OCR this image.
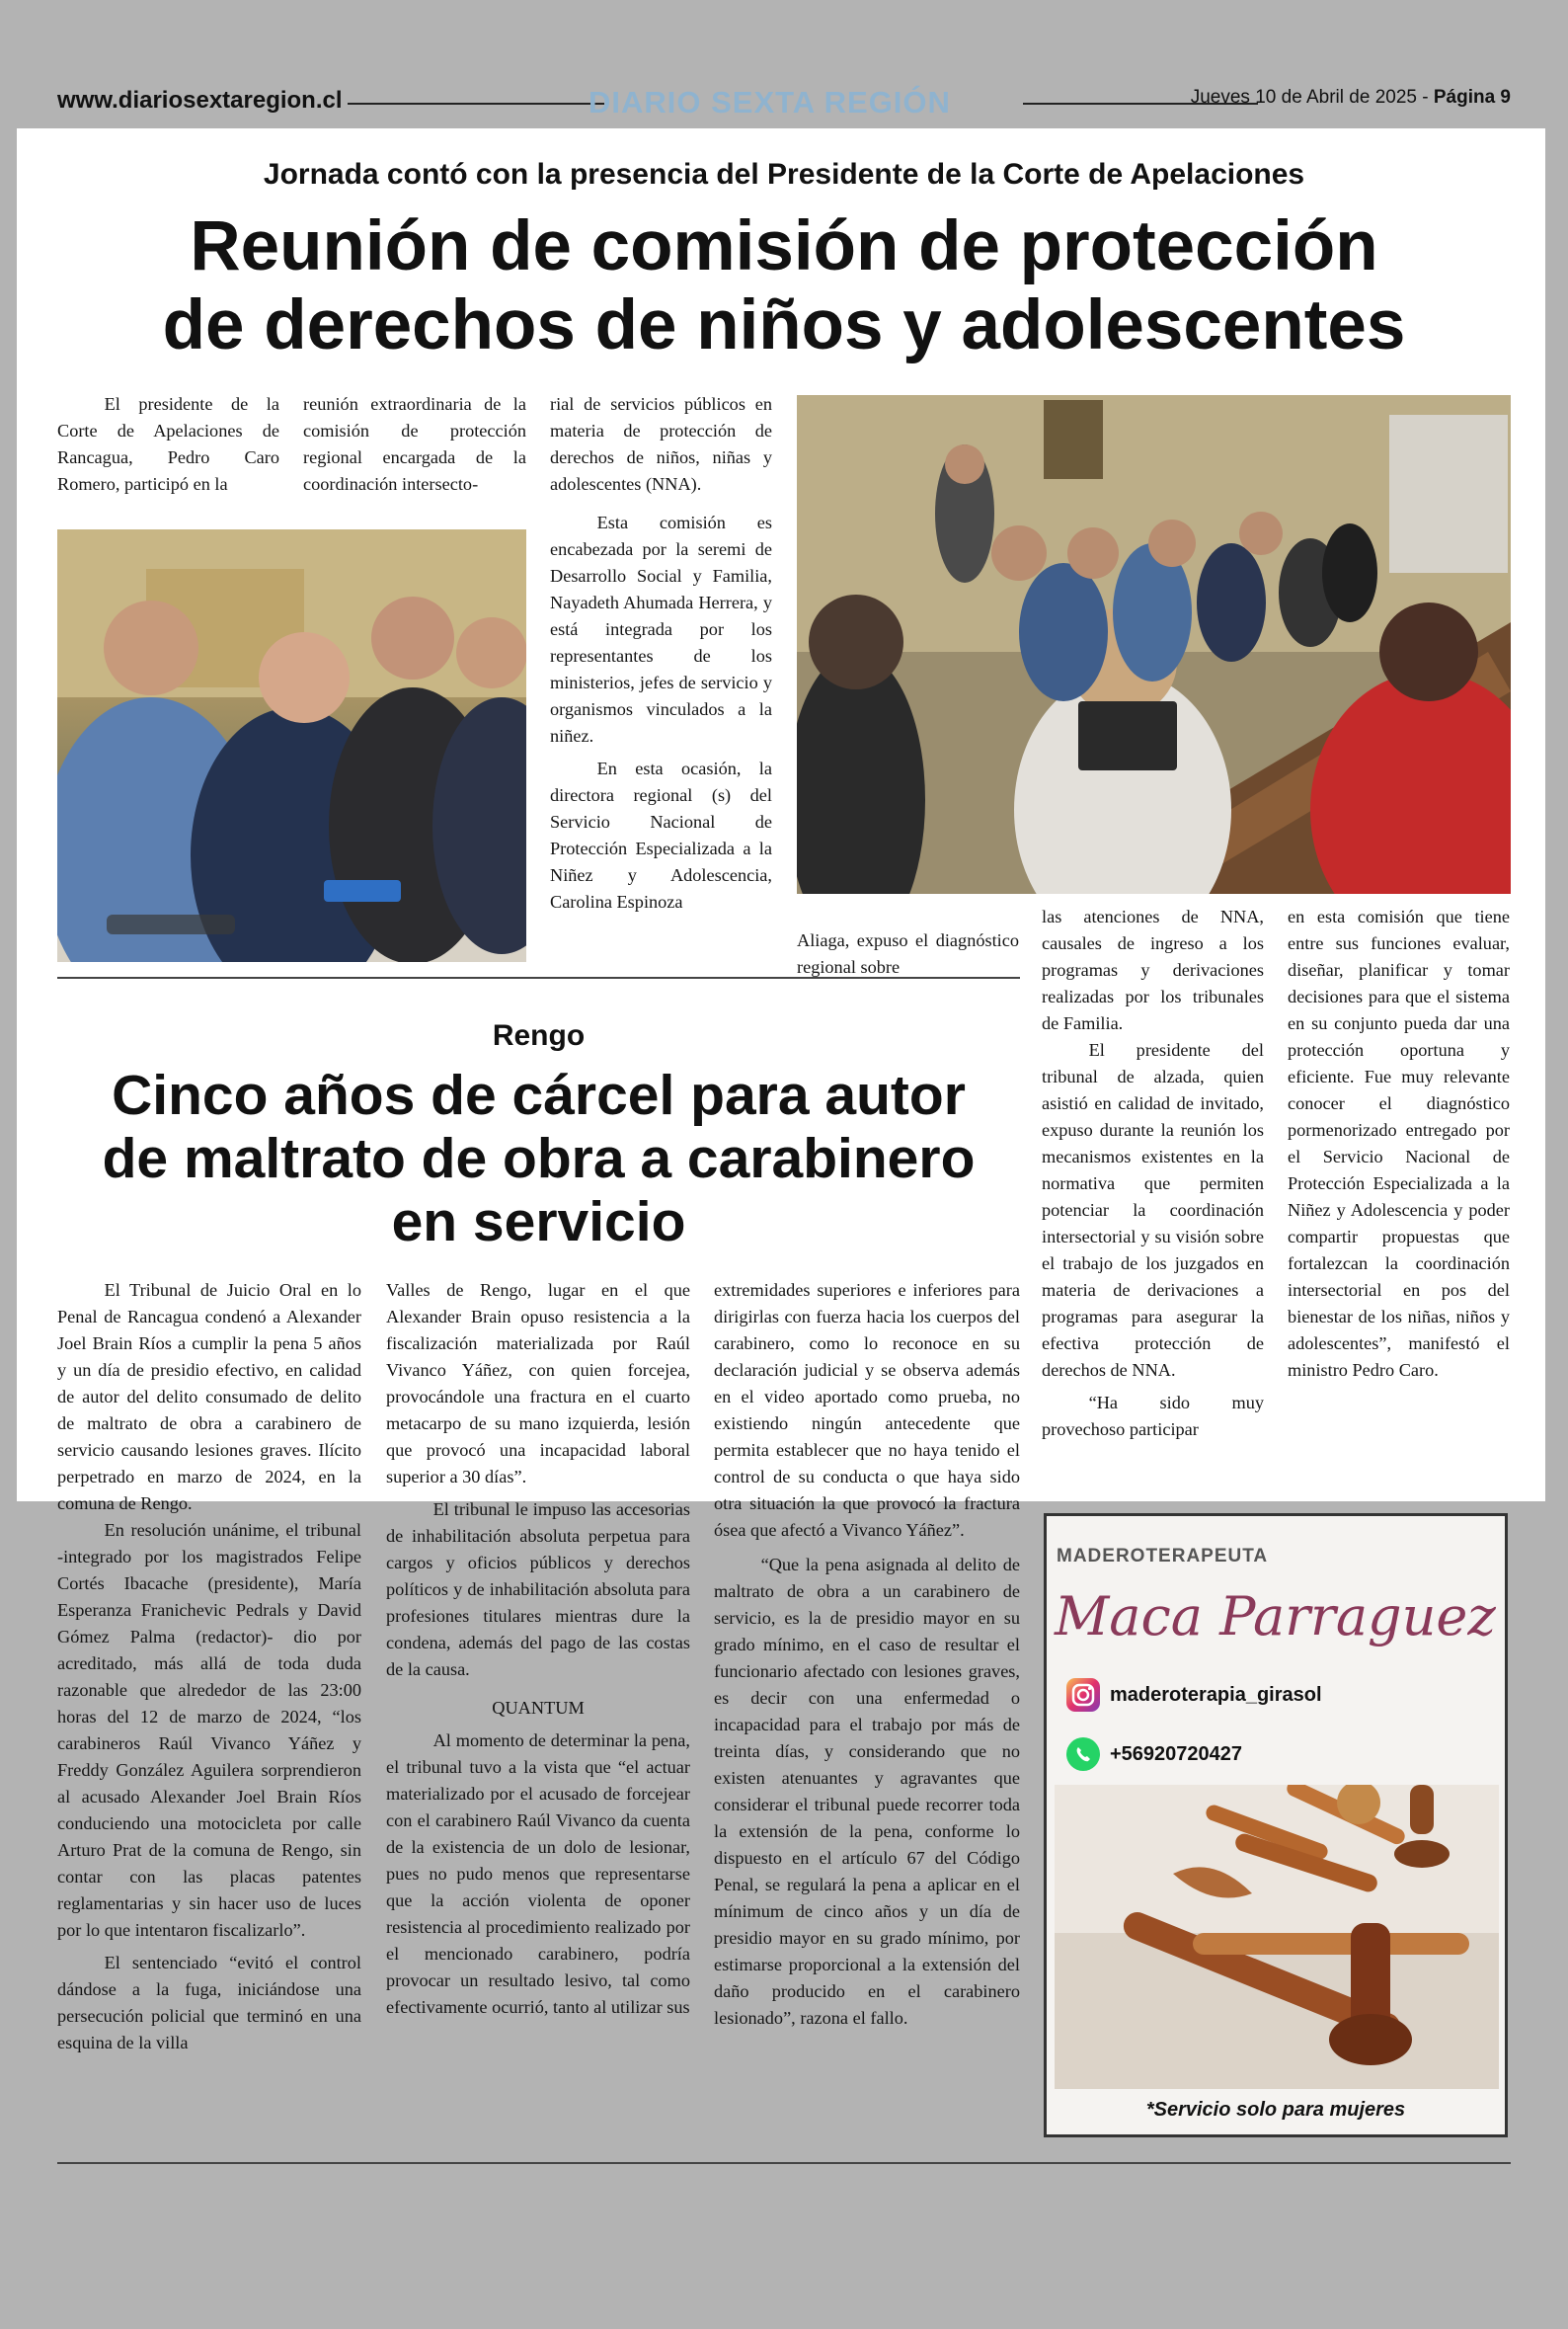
www.diariosextaregion.cl	DIARIO SEXTA REGIÓN	Jueves 10 de Abril de 2025 - Página 9
Jornada contó con la presencia del Presidente de la Corte de Apelaciones
Reunión de comisión de protección
de derechos de niños y adolescentes

El presidente de la Corte de Apelaciones de Rancagua, Pedro Caro Romero, participó en la

reunión extraordinaria de la comisión de protección regional encargada de la coordinación intersecto-

rial de servicios públicos en materia de protección de derechos de niños, niñas y adolescentes (NNA).

Esta comisión es encabezada por la seremi de Desarrollo Social y Familia, Nayadeth Ahumada Herrera, y está integrada por los representantes de los ministerios, jefes de servicio y organismos vinculados a la niñez.

En esta ocasión, la directora regional (s) del Servicio Nacional de Protección Especializada a la Niñez y Adolescencia, Carolina Espinoza

Aliaga, expuso el diagnóstico regional sobre

las atenciones de NNA, causales de ingreso a los programas y derivaciones realizadas por los tribunales de Familia.

El presidente del tribunal de alzada, quien asistió en calidad de invitado, expuso durante la reunión los mecanismos existentes en la normativa que permiten potenciar la coordinación intersectorial y su visión sobre el trabajo de los juzgados en materia de derivaciones a programas para asegurar la efectiva protección de derechos de NNA.

“Ha sido muy provechoso participar

en esta comisión que tiene entre sus funciones evaluar, diseñar, planificar y tomar decisiones para que el sistema en su conjunto pueda dar una protección oportuna y eficiente. Fue muy relevante conocer el diagnóstico pormenorizado entregado por el Servicio Nacional de Protección Especializada a la Niñez y Adolescencia y poder compartir propuestas que fortalezcan la coordinación intersectorial en pos del bienestar de los niñas, niños y adolescentes”, manifestó el ministro Pedro Caro.

Rengo
Cinco años de cárcel para autor
de maltrato de obra a carabinero
en servicio

El Tribunal de Juicio Oral en lo Penal de Rancagua condenó a Alexander Joel Brain Ríos a cumplir la pena 5 años y un día de presidio efectivo, en calidad de autor del delito consumado de delito de maltrato de obra a carabinero de servicio causando lesiones graves. Ilícito perpetrado en marzo de 2024, en la comuna de Rengo.

En resolución unánime, el tribunal -integrado por los magistrados Felipe Cortés Ibacache (presidente), María Esperanza Franichevic Pedrals y David Gómez Palma (redactor)- dio por acreditado, más allá de toda duda razonable que alrededor de las 23:00 horas del 12 de marzo de 2024, “los carabineros Raúl Vivanco Yáñez y Freddy González Aguilera sorprendieron al acusado Alexander Joel Brain Ríos conduciendo una motocicleta por calle Arturo Prat de la comuna de Rengo, sin contar con las placas patentes reglamentarias y sin hacer uso de luces por lo que intentaron fiscalizarlo”.

El sentenciado “evitó el control dándose a la fuga, iniciándose una persecución policial que terminó en una esquina de la villa

Valles de Rengo, lugar en el que Alexander Brain opuso resistencia a la fiscalización materializada por Raúl Vivanco Yáñez, con quien forcejea, provocándole una fractura en el cuarto metacarpo de su mano izquierda, lesión que provocó una incapacidad laboral superior a 30 días”.

El tribunal le impuso las accesorias de inhabilitación absoluta perpetua para cargos y oficios públicos y derechos políticos y de inhabilitación absoluta para profesiones titulares mientras dure la condena, además del pago de las costas de la causa.

QUANTUM

Al momento de determinar la pena, el tribunal tuvo a la vista que “el actuar materializado por el acusado de forcejear con el carabinero Raúl Vivanco da cuenta de la existencia de un dolo de lesionar, pues no pudo menos que representarse que la acción violenta de oponer resistencia al procedimiento realizado por el mencionado carabinero, podría provocar un resultado lesivo, tal como efectivamente ocurrió, tanto al utilizar sus

extremidades superiores e inferiores para dirigirlas con fuerza hacia los cuerpos del carabinero, como lo reconoce en su declaración judicial y se observa además en el video aportado como prueba, no existiendo ningún antecedente que permita establecer que no haya tenido el control de su conducta o que haya sido otra situación la que provocó la fractura ósea que afectó a Vivanco Yáñez”.

“Que la pena asignada al delito de maltrato de obra a un carabinero de servicio, es la de presidio mayor en su grado mínimo, en el caso de resultar el funcionario afectado con lesiones graves, es decir con una enfermedad o incapacidad para el trabajo por más de treinta días, y considerando que no existen atenuantes y agravantes que considerar el tribunal puede recorrer toda la extensión de la pena, conforme lo dispuesto en el artículo 67 del Código Penal, se regulará la pena a aplicar en el mínimum de cinco años y un día de presidio mayor en su grado mínimo, por estimarse proporcional a la extensión del daño producido en el carabinero lesionado”, razona el fallo.

MADEROTERAPEUTA
Maca Parraguez
maderoterapia_girasol
+56920720427
*Servicio solo para mujeres
